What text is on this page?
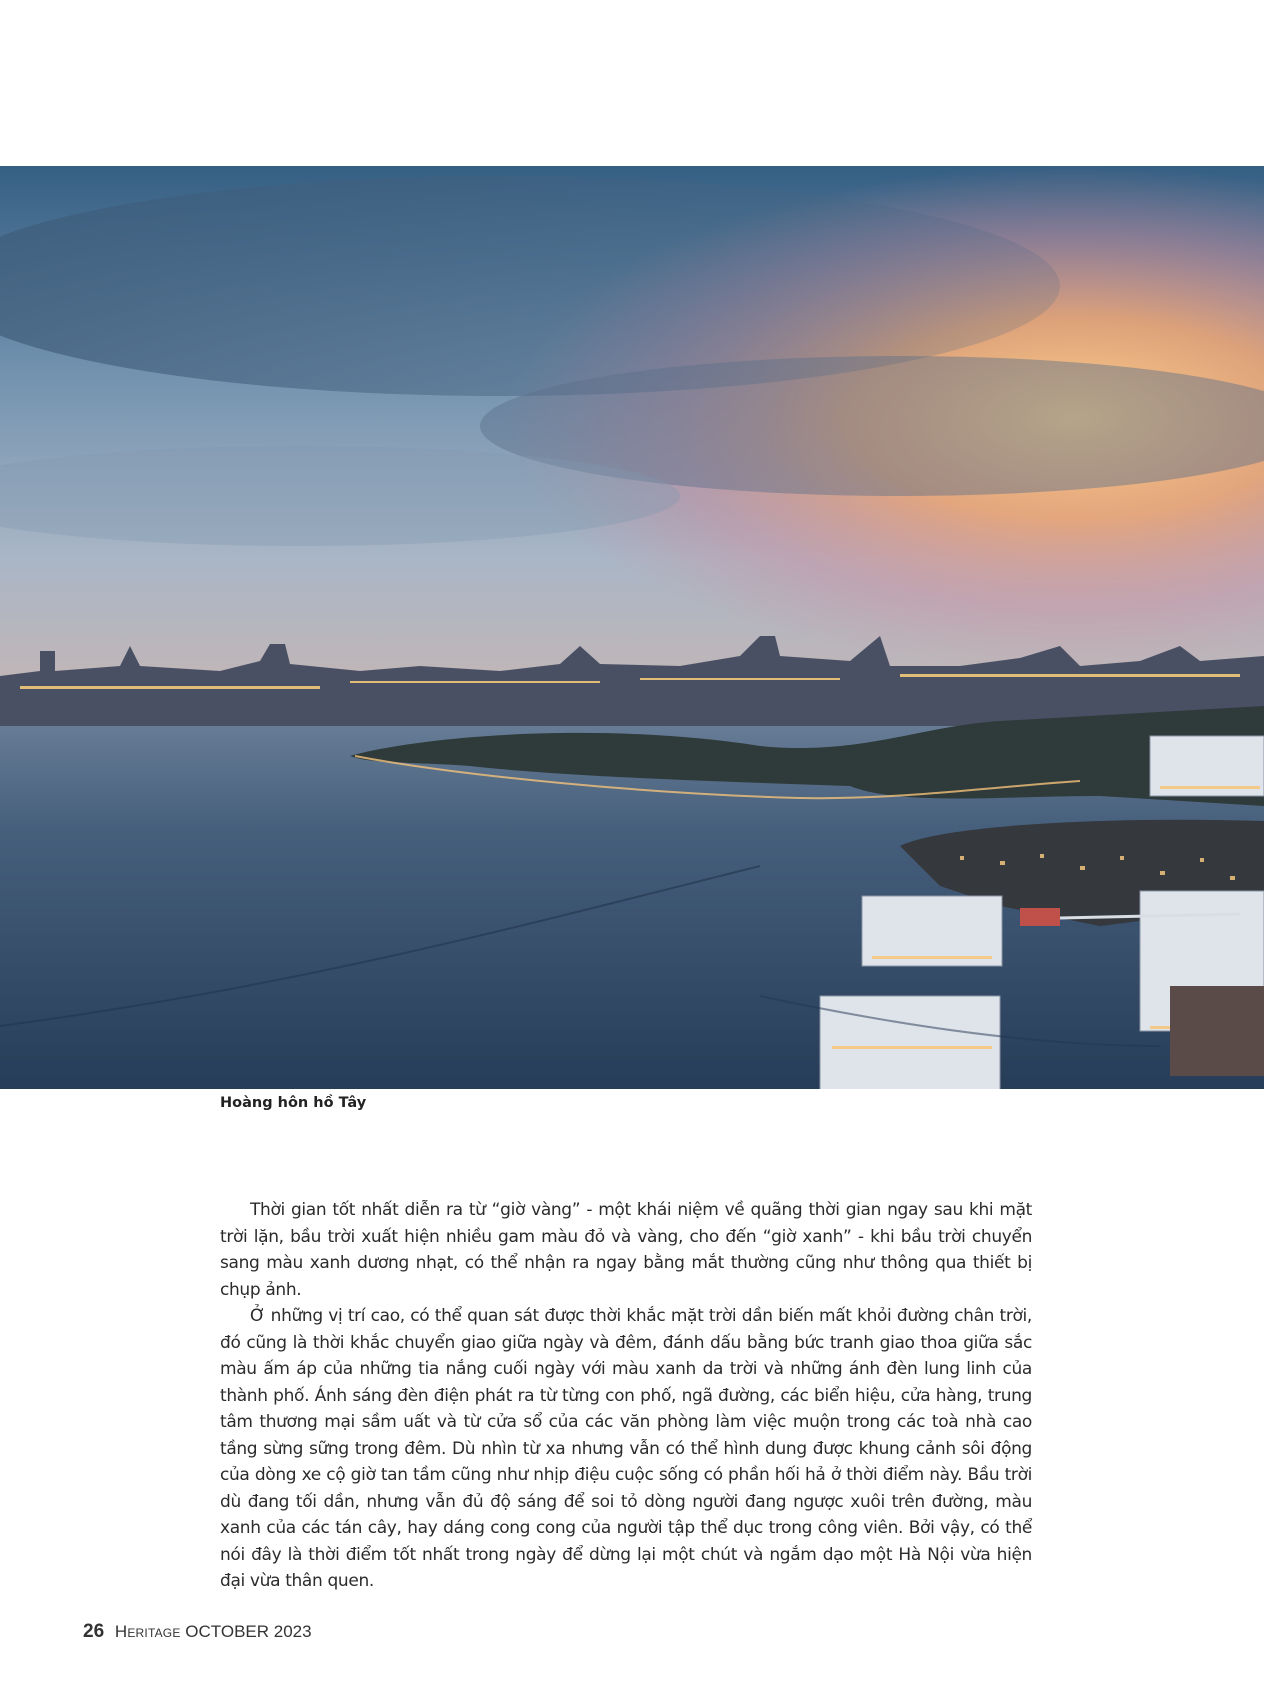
Hoàng hôn hồ Tây

Thời gian tốt nhất diễn ra từ “giờ vàng” - một khái niệm về quãng thời gian ngay sau khi mặt trời lặn, bầu trời xuất hiện nhiều gam màu đỏ và vàng, cho đến “giờ xanh” - khi bầu trời chuyển sang màu xanh dương nhạt, có thể nhận ra ngay bằng mắt thường cũng như thông qua thiết bị chụp ảnh.

Ở những vị trí cao, có thể quan sát được thời khắc mặt trời dần biến mất khỏi đường chân trời, đó cũng là thời khắc chuyển giao giữa ngày và đêm, đánh dấu bằng bức tranh giao thoa giữa sắc màu ấm áp của những tia nắng cuối ngày với màu xanh da trời và những ánh đèn lung linh của thành phố. Ánh sáng đèn điện phát ra từ từng con phố, ngã đường, các biển hiệu, cửa hàng, trung tâm thương mại sầm uất và từ cửa sổ của các văn phòng làm việc muộn trong các toà nhà cao tầng sừng sững trong đêm. Dù nhìn từ xa nhưng vẫn có thể hình dung được khung cảnh sôi động của dòng xe cộ giờ tan tầm cũng như nhịp điệu cuộc sống có phần hối hả ở thời điểm này. Bầu trời dù đang tối dần, nhưng vẫn đủ độ sáng để soi tỏ dòng người đang ngược xuôi trên đường, màu xanh của các tán cây, hay dáng cong cong của người tập thể dục trong công viên. Bởi vậy, có thể nói đây là thời điểm tốt nhất trong ngày để dừng lại một chút và ngắm dạo một Hà Nội vừa hiện đại vừa thân quen.

26 Heritage OCTOBER 2023
